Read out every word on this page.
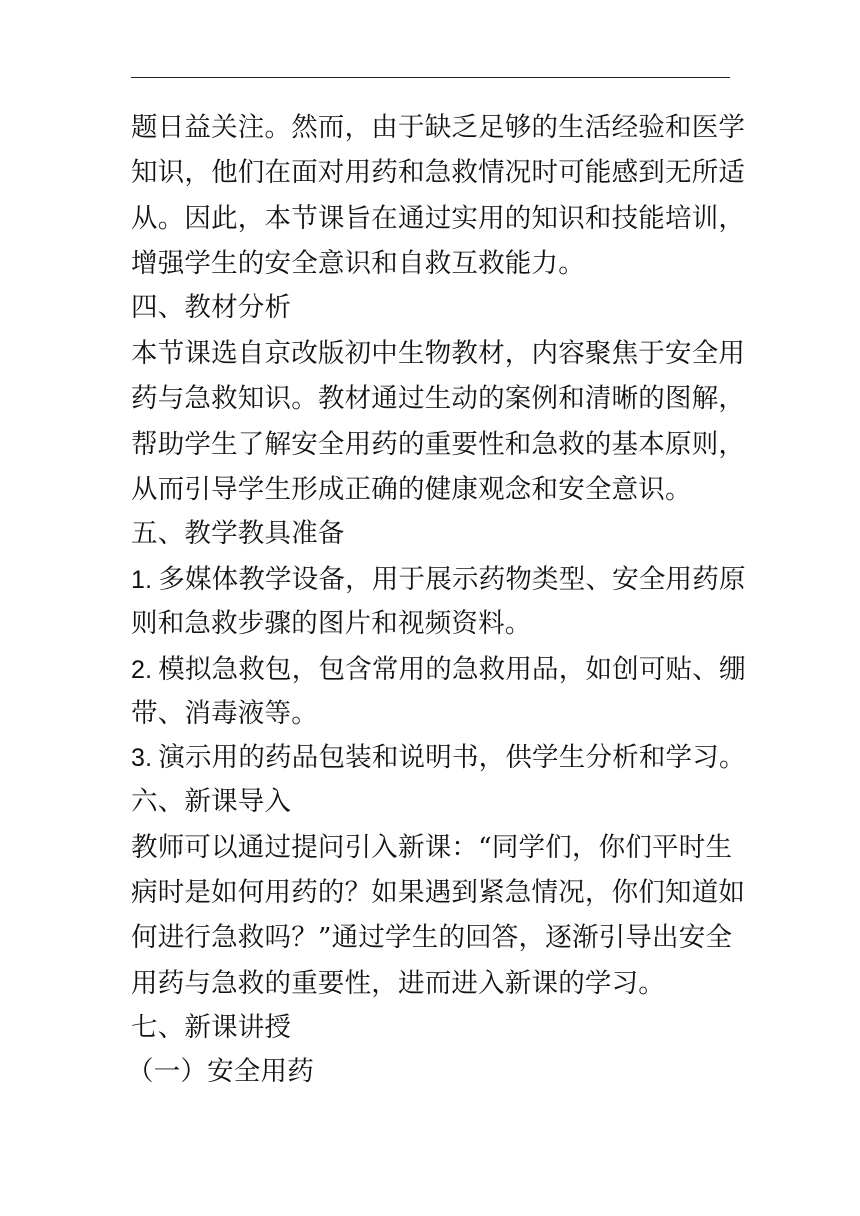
题日益关注。然而，由于缺乏足够的生活经验和医学
知识，他们在面对用药和急救情况时可能感到无所适
从。因此，本节课旨在通过实用的知识和技能培训，
增强学生的安全意识和自救互救能力。
四、教材分析
本节课选自京改版初中生物教材，内容聚焦于安全用
药与急救知识。教材通过生动的案例和清晰的图解，
帮助学生了解安全用药的重要性和急救的基本原则，
从而引导学生形成正确的健康观念和安全意识。
五、教学教具准备
1. 多媒体教学设备，用于展示药物类型、安全用药原
则和急救步骤的图片和视频资料。
2. 模拟急救包，包含常用的急救用品，如创可贴、绷
带、消毒液等。
3. 演示用的药品包装和说明书，供学生分析和学习。
六、新课导入
教师可以通过提问引入新课：“同学们，你们平时生
病时是如何用药的？如果遇到紧急情况，你们知道如
何进行急救吗？”通过学生的回答，逐渐引导出安全
用药与急救的重要性，进而进入新课的学习。
七、新课讲授
（一）安全用药
